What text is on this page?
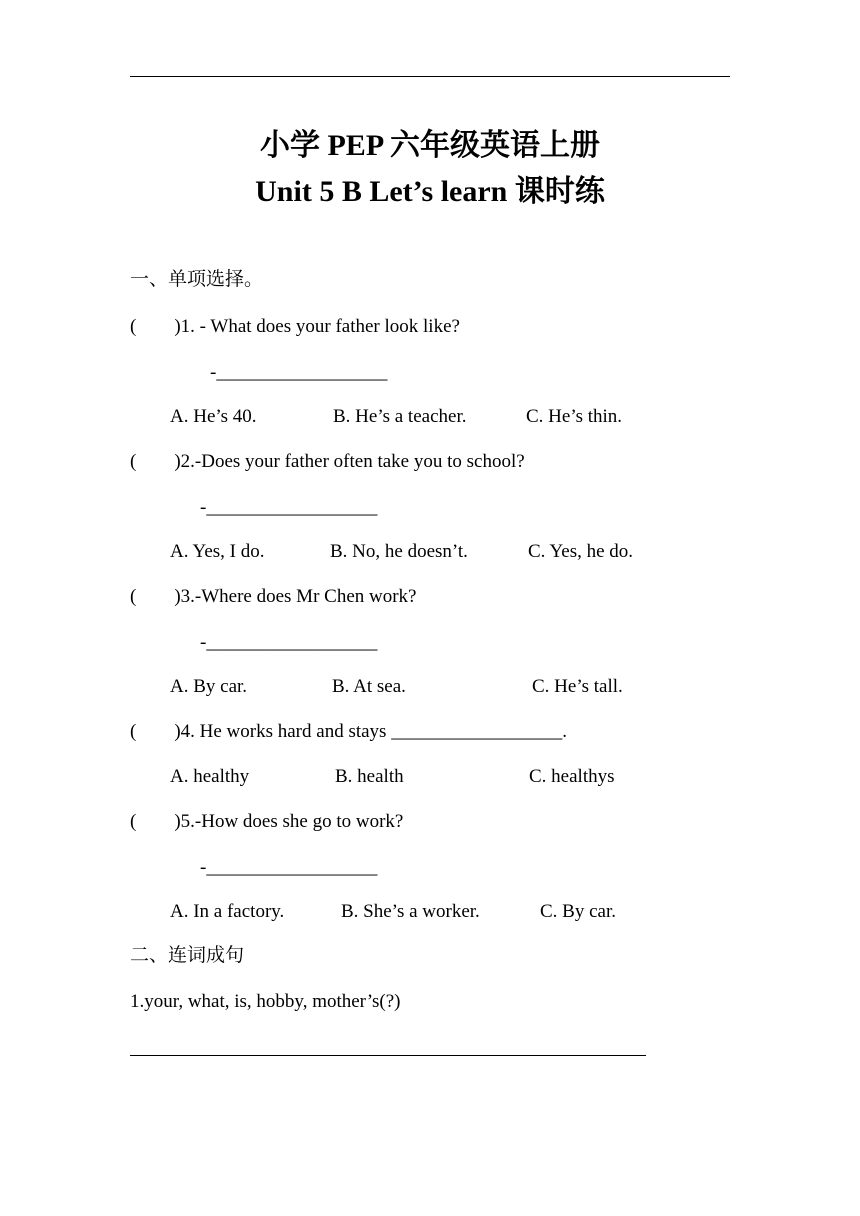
小学 PEP 六年级英语上册
Unit 5 B Let’s learn 课时练
一、单项选择。
(        )1. - What does your father look like?
-__________________
A. He’s 40.	B. He’s a teacher.	C. He’s thin.
(        )2.-Does your father often take you to school?
-__________________
A. Yes, I do.	B. No, he doesn’t.	C. Yes, he do.
(        )3.-Where does Mr Chen work?
-__________________
A. By car.	B. At sea.	C. He’s tall.
(        )4. He works hard and stays __________________.
A. healthy	B. health	C. healthys
(        )5.-How does she go to work?
-__________________
A. In a factory.	B. She’s a worker.	C. By car.
二、连词成句
1.your, what, is, hobby, mother’s(?)
